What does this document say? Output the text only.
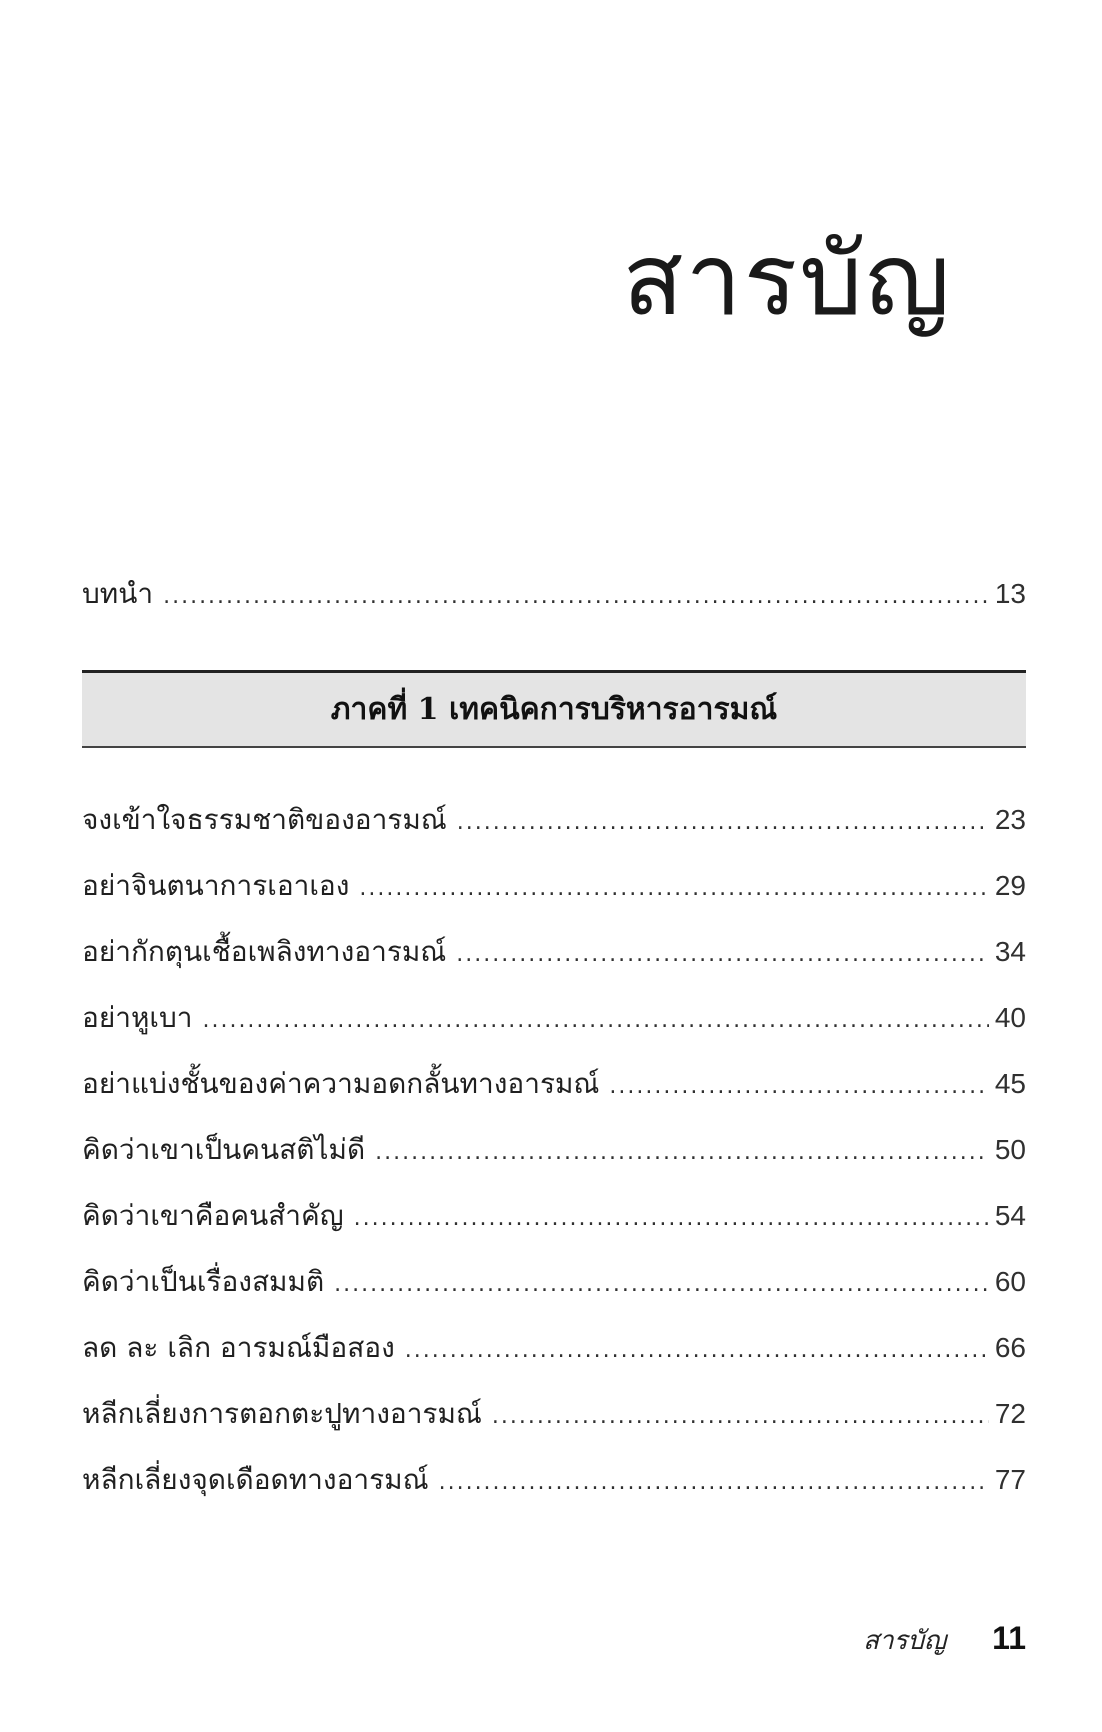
สารบัญ
บทนำ .....	13
ภาคที่ 1 เทคนิคการบริหารอารมณ์
จงเข้าใจธรรมชาติของอารมณ์ .....	23
อย่าจินตนาการเอาเอง .....	29
อย่ากักตุนเชื้อเพลิงทางอารมณ์ .....	34
อย่าหูเบา .....	40
อย่าแบ่งชั้นของค่าความอดกลั้นทางอารมณ์ .....	45
คิดว่าเขาเป็นคนสติไม่ดี .....	50
คิดว่าเขาคือคนสำคัญ .....	54
คิดว่าเป็นเรื่องสมมติ .....	60
ลด ละ เลิก อารมณ์มือสอง .....	66
หลีกเลี่ยงการตอกตะปูทางอารมณ์ .....	72
หลีกเลี่ยงจุดเดือดทางอารมณ์ .....	77
สารบัญ 11
